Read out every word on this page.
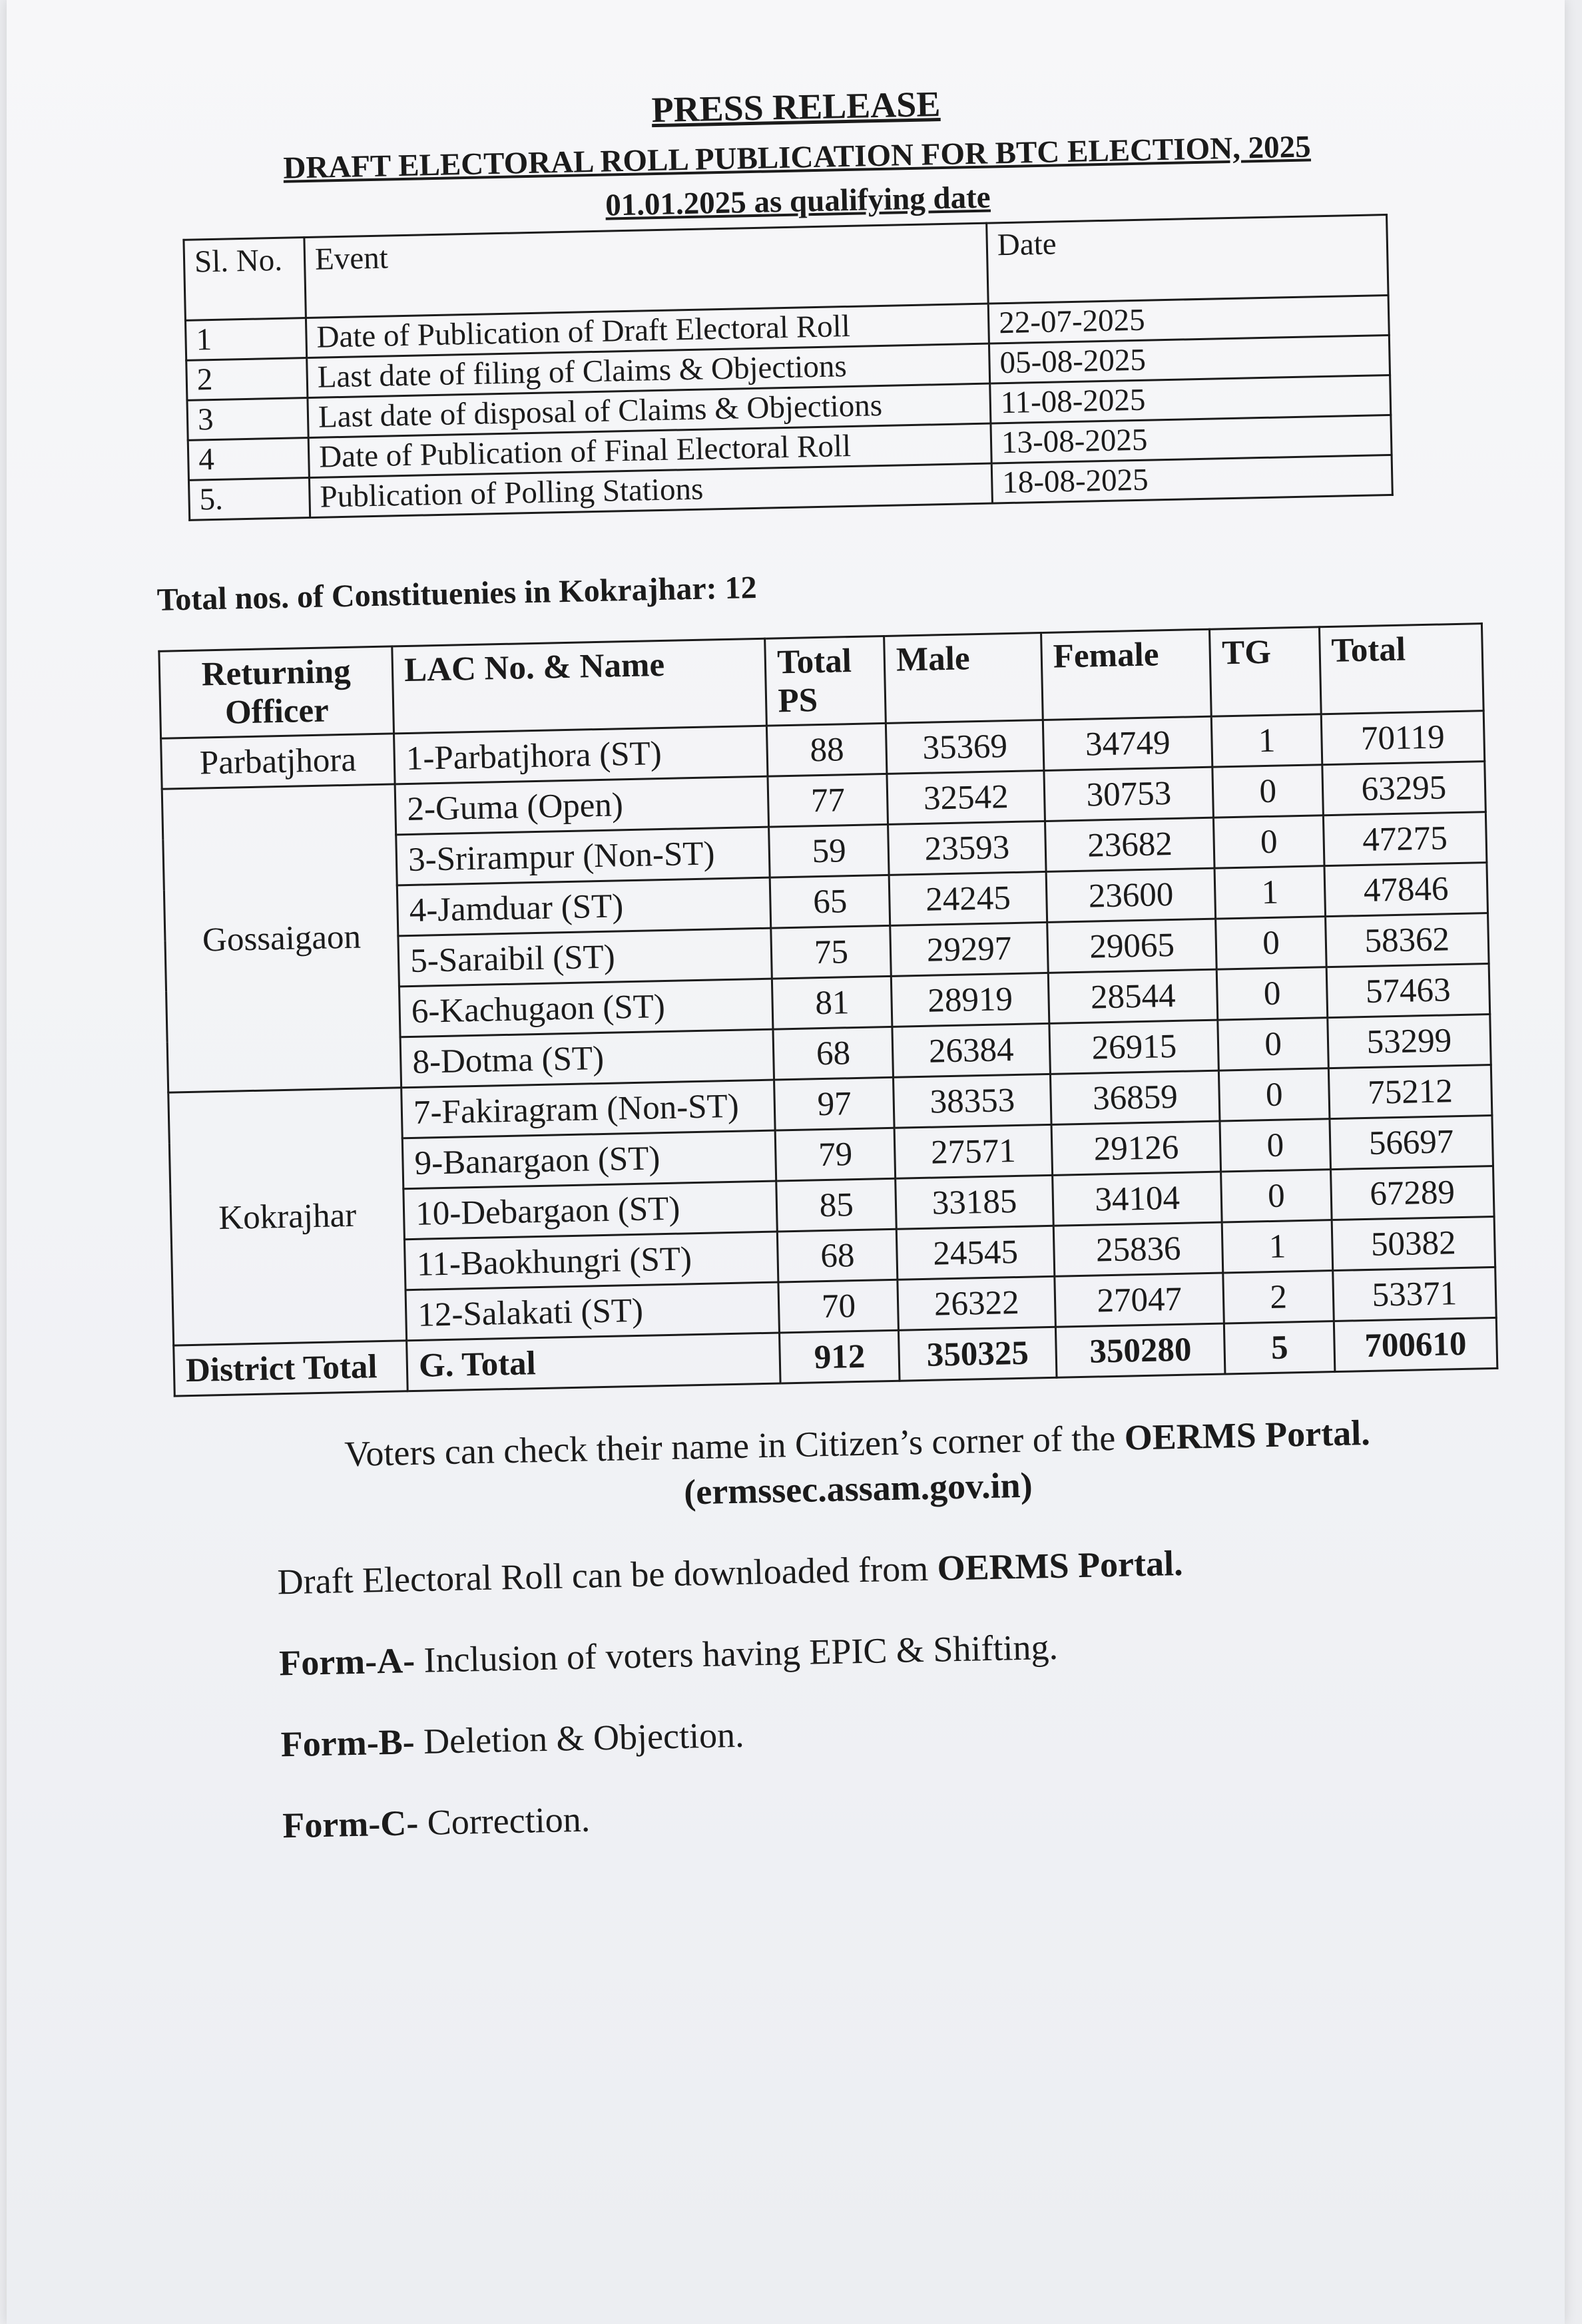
PRESS RELEASE

DRAFT ELECTORAL ROLL PUBLICATION FOR BTC ELECTION, 2025

01.01.2025 as qualifying date

Sl. No.	Event	Date
1	Date of Publication of Draft Electoral Roll	22-07-2025
2	Last date of filing of Claims & Objections	05-08-2025
3	Last date of disposal of Claims & Objections	11-08-2025
4	Date of Publication of Final Electoral Roll	13-08-2025
5.	Publication of Polling Stations	18-08-2025

Total nos. of Constituenies in Kokrajhar: 12

Returning Officer	LAC No. & Name	Total PS	Male	Female	TG	Total
Parbatjhora	1-Parbatjhora (ST)	88	35369	34749	1	70119
Gossaigaon	2-Guma (Open)	77	32542	30753	0	63295
	3-Srirampur (Non-ST)	59	23593	23682	0	47275
	4-Jamduar (ST)	65	24245	23600	1	47846
	5-Saraibil (ST)	75	29297	29065	0	58362
	6-Kachugaon (ST)	81	28919	28544	0	57463
	8-Dotma (ST)	68	26384	26915	0	53299
Kokrajhar	7-Fakiragram (Non-ST)	97	38353	36859	0	75212
	9-Banargaon (ST)	79	27571	29126	0	56697
	10-Debargaon (ST)	85	33185	34104	0	67289
	11-Baokhungri (ST)	68	24545	25836	1	50382
	12-Salakati (ST)	70	26322	27047	2	53371
District Total	G. Total	912	350325	350280	5	700610

Voters can check their name in Citizen’s corner of the OERMS Portal.

(ermssec.assam.gov.in)

Draft Electoral Roll can be downloaded from OERMS Portal.

Form-A- Inclusion of voters having EPIC & Shifting.

Form-B- Deletion & Objection.

Form-C- Correction.
